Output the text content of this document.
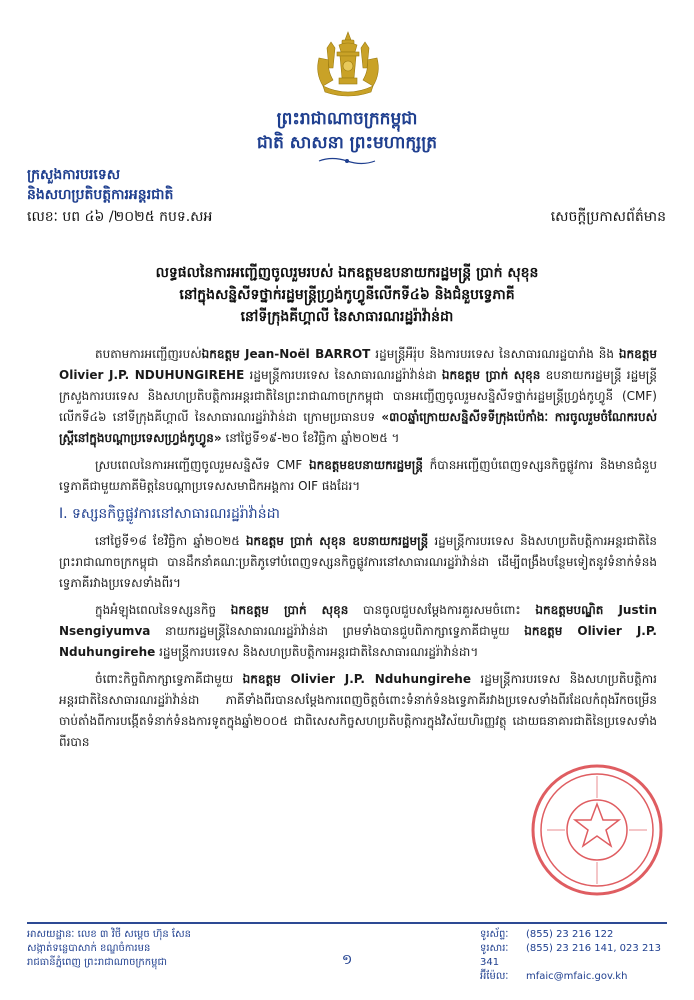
ព្រះរាជាណាចក្រកម្ពុជា
ជាតិ សាសនា ព្រះមហាក្សត្រ
ក្រសួងការបរទេស
និងសហប្រតិបត្តិការអន្តរជាតិ
លេខៈ បព ៤៦ /២០២៥ កបទ.សអ	សេចក្តីប្រកាសព័ត៌មាន
លទ្ធផលនៃការអញ្ជើញចូលរួមរបស់ ឯកឧត្តមឧបនាយករដ្ឋមន្ត្រី ប្រាក់ សុខុន
នៅក្នុងសន្និសីទថ្នាក់រដ្ឋមន្ត្រីហ្វ្រង់កូហ្វូនីលើកទី៤៦ និងជំនួបទ្វេភាគី
នៅទីក្រុងគីហ្គាលី នៃសាធារណរដ្ឋរ៉ាវ៉ាន់ដា

តបតាមការអញ្ជើញរបស់ឯកឧត្តម Jean-Noël BARROT រដ្ឋមន្ត្រីអឺរ៉ុប និងការបរទេស នៃសាធារណរដ្ឋបារាំង និង ឯកឧត្តម Olivier J.P. NDUHUNGIREHE រដ្ឋមន្ត្រីការបរទេស នៃសាធារណរដ្ឋរ៉ាវ៉ាន់ដា ឯកឧត្តម ប្រាក់ សុខុន ឧបនាយករដ្ឋមន្ត្រី រដ្ឋមន្ត្រីក្រសួងការបរទេស និងសហប្រតិបត្តិការអន្តរជាតិនៃព្រះរាជាណាចក្រកម្ពុជា បានអញ្ជើញចូលរួមសន្និសីទថ្នាក់រដ្ឋមន្ត្រីហ្វ្រង់កូហ្វូនី (CMF) លើកទី៤៦ នៅទីក្រុងគីហ្គាលី នៃសាធារណរដ្ឋរ៉ាវ៉ាន់ដា ក្រោមប្រធានបទ «៣០ឆ្នាំក្រោយសន្និសីទទីក្រុងប៉េកាំងៈ ការចូលរួមចំណែករបស់ស្ត្រីនៅក្នុងបណ្តាប្រទេសហ្វ្រង់កូហ្វូន» នៅថ្ងៃទី១៩-២០ ខែវិច្ឆិកា ឆ្នាំ២០២៥ ។

ស្របពេលនៃការអញ្ជើញចូលរួមសន្និសីទ CMF ឯកឧត្តមឧបនាយករដ្ឋមន្ត្រី ក៏បានអញ្ជើញបំពេញទស្សនកិច្ចផ្លូវការ និងមានជំនួបទ្វេភាគីជាមួយភាគីមិត្តនៃបណ្តាប្រទេសសមាជិកអង្គការ OIF ផងដែរ។

I. ទស្សនកិច្ចផ្លូវការនៅសាធារណរដ្ឋរ៉ាវ៉ាន់ដា

នៅថ្ងៃទី១៨ ខែវិច្ឆិកា ឆ្នាំ២០២៥ ឯកឧត្តម ប្រាក់ សុខុន ឧបនាយករដ្ឋមន្ត្រី រដ្ឋមន្ត្រីការបរទេស និងសហប្រតិបត្តិការអន្តរជាតិនៃព្រះរាជាណាចក្រកម្ពុជា បានដឹកនាំគណៈប្រតិភូទៅបំពេញទស្សនកិច្ចផ្លូវការនៅសាធារណរដ្ឋរ៉ាវ៉ាន់ដា ដើម្បីពង្រឹងបន្ថែមទៀតនូវទំនាក់ទំនងទ្វេភាគីរវាងប្រទេសទាំងពីរ។

ក្នុងអំឡុងពេលនៃទស្សនកិច្ច ឯកឧត្តម ប្រាក់ សុខុន បានចូលជួបសម្តែងការគួរសមចំពោះ ឯកឧត្តមបណ្ឌិត Justin Nsengiyumva នាយករដ្ឋមន្ត្រីនៃសាធារណរដ្ឋរ៉ាវ៉ាន់ដា ព្រមទាំងបានជួបពិភាក្សាទ្វេភាគីជាមួយ ឯកឧត្តម Olivier J.P. Nduhungirehe រដ្ឋមន្ត្រីការបរទេស និងសហប្រតិបត្តិការអន្តរជាតិនៃសាធារណរដ្ឋរ៉ាវ៉ាន់ដា។

ចំពោះកិច្ចពិភាក្សាទ្វេភាគីជាមួយ ឯកឧត្តម Olivier J.P. Nduhungirehe រដ្ឋមន្ត្រីការបរទេស និងសហប្រតិបត្តិការអន្តរជាតិនៃសាធារណរដ្ឋរ៉ាវ៉ាន់ដា ភាគីទាំងពីរបានសម្តែងការពេញចិត្តចំពោះទំនាក់ទំនងទ្វេភាគីរវាងប្រទេសទាំងពីរដែលកំពុងរីកចម្រើន ចាប់តាំងពីការបង្កើតទំនាក់ទំនងការទូតក្នុងឆ្នាំ២០០៥ ជាពិសេសកិច្ចសហប្រតិបត្តិការក្នុងវិស័យហិរញ្ញវត្ថុ ដោយធនាគារជាតិនៃប្រទេសទាំងពីរបាន

អាសយដ្ឋានៈ លេខ ៣ វិថី សម្តេច ហ៊ុន សែន
សង្កាត់ទន្លេបាសាក់ ខណ្ឌចំការមន
រាជធានីភ្នំពេញ ព្រះរាជាណាចក្រកម្ពុជា	១
ទូរស័ព្ទៈ (855) 23 216 122
ទូរសារៈ (855) 23 216 141, 023 213 341
អ៊ីម៉ែលៈ mfaic@mfaic.gov.kh
